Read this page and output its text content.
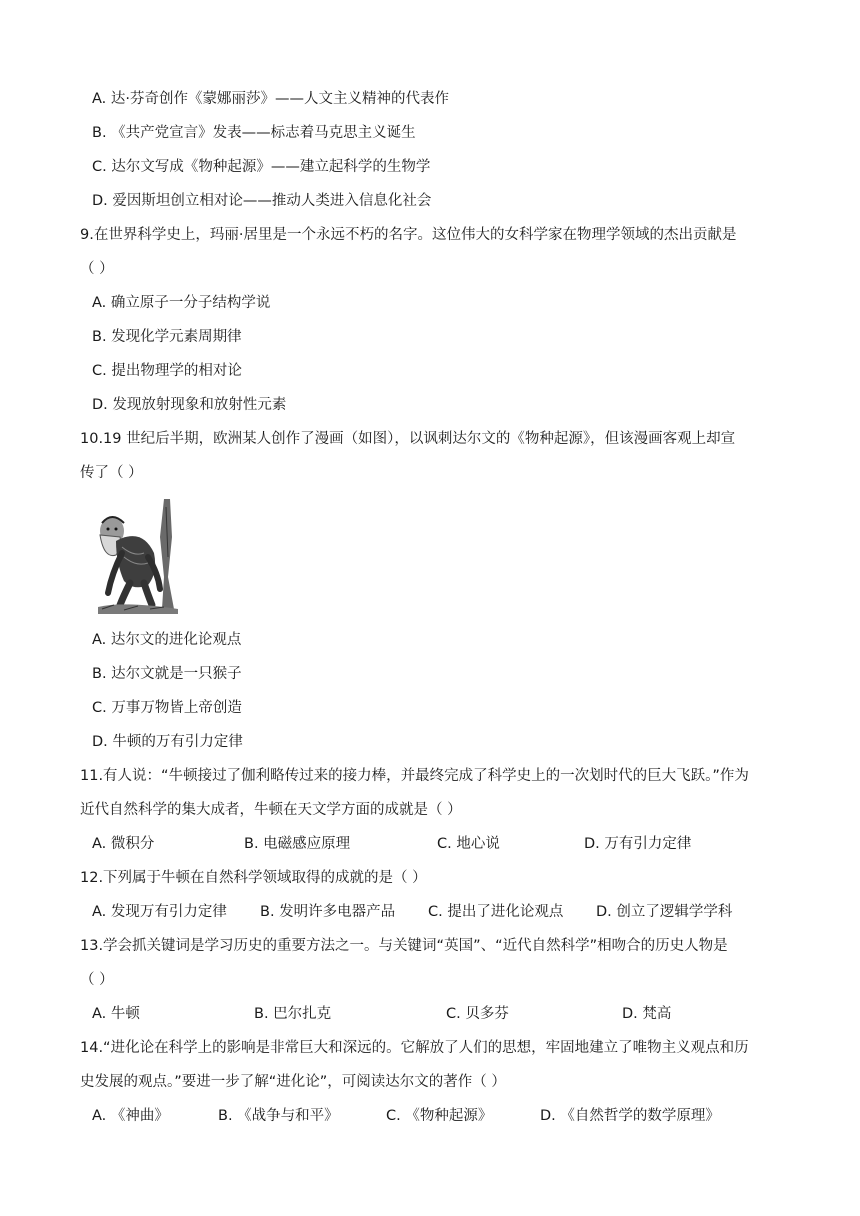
A. 达·芬奇创作《蒙娜丽莎》——人文主义精神的代表作
B. 《共产党宣言》发表——标志着马克思主义诞生
C. 达尔文写成《物种起源》——建立起科学的生物学
D. 爱因斯坦创立相对论——推动人类进入信息化社会
9.在世界科学史上，玛丽·居里是一个永远不朽的名字。这位伟大的女科学家在物理学领域的杰出贡献是
（ ）
A. 确立原子一分子结构学说
B. 发现化学元素周期律
C. 提出物理学的相对论
D. 发现放射现象和放射性元素
10.19 世纪后半期，欧洲某人创作了漫画（如图），以讽刺达尔文的《物种起源》，但该漫画客观上却宣
传了（ ）
A. 达尔文的进化论观点
B. 达尔文就是一只猴子
C. 万事万物皆上帝创造
D. 牛顿的万有引力定律
11.有人说：“牛顿接过了伽利略传过来的接力棒，并最终完成了科学史上的一次划时代的巨大飞跃。”作为
近代自然科学的集大成者，牛顿在天文学方面的成就是（ ）
A. 微积分	B. 电磁感应原理	C. 地心说	D. 万有引力定律
12.下列属于牛顿在自然科学领域取得的成就的是（ ）
A. 发现万有引力定律 B. 发明许多电器产品 C. 提出了进化论观点 D. 创立了逻辑学学科
13.学会抓关键词是学习历史的重要方法之一。与关键词“英国”、“近代自然科学”相吻合的历史人物是
（ ）
A. 牛顿	B. 巴尔扎克	C. 贝多芬	D. 梵高
14.“进化论在科学上的影响是非常巨大和深远的。它解放了人们的思想，牢固地建立了唯物主义观点和历
史发展的观点。”要进一步了解“进化论”，可阅读达尔文的著作（ ）
A. 《神曲》	B. 《战争与和平》	C. 《物种起源》	D. 《自然哲学的数学原理》
